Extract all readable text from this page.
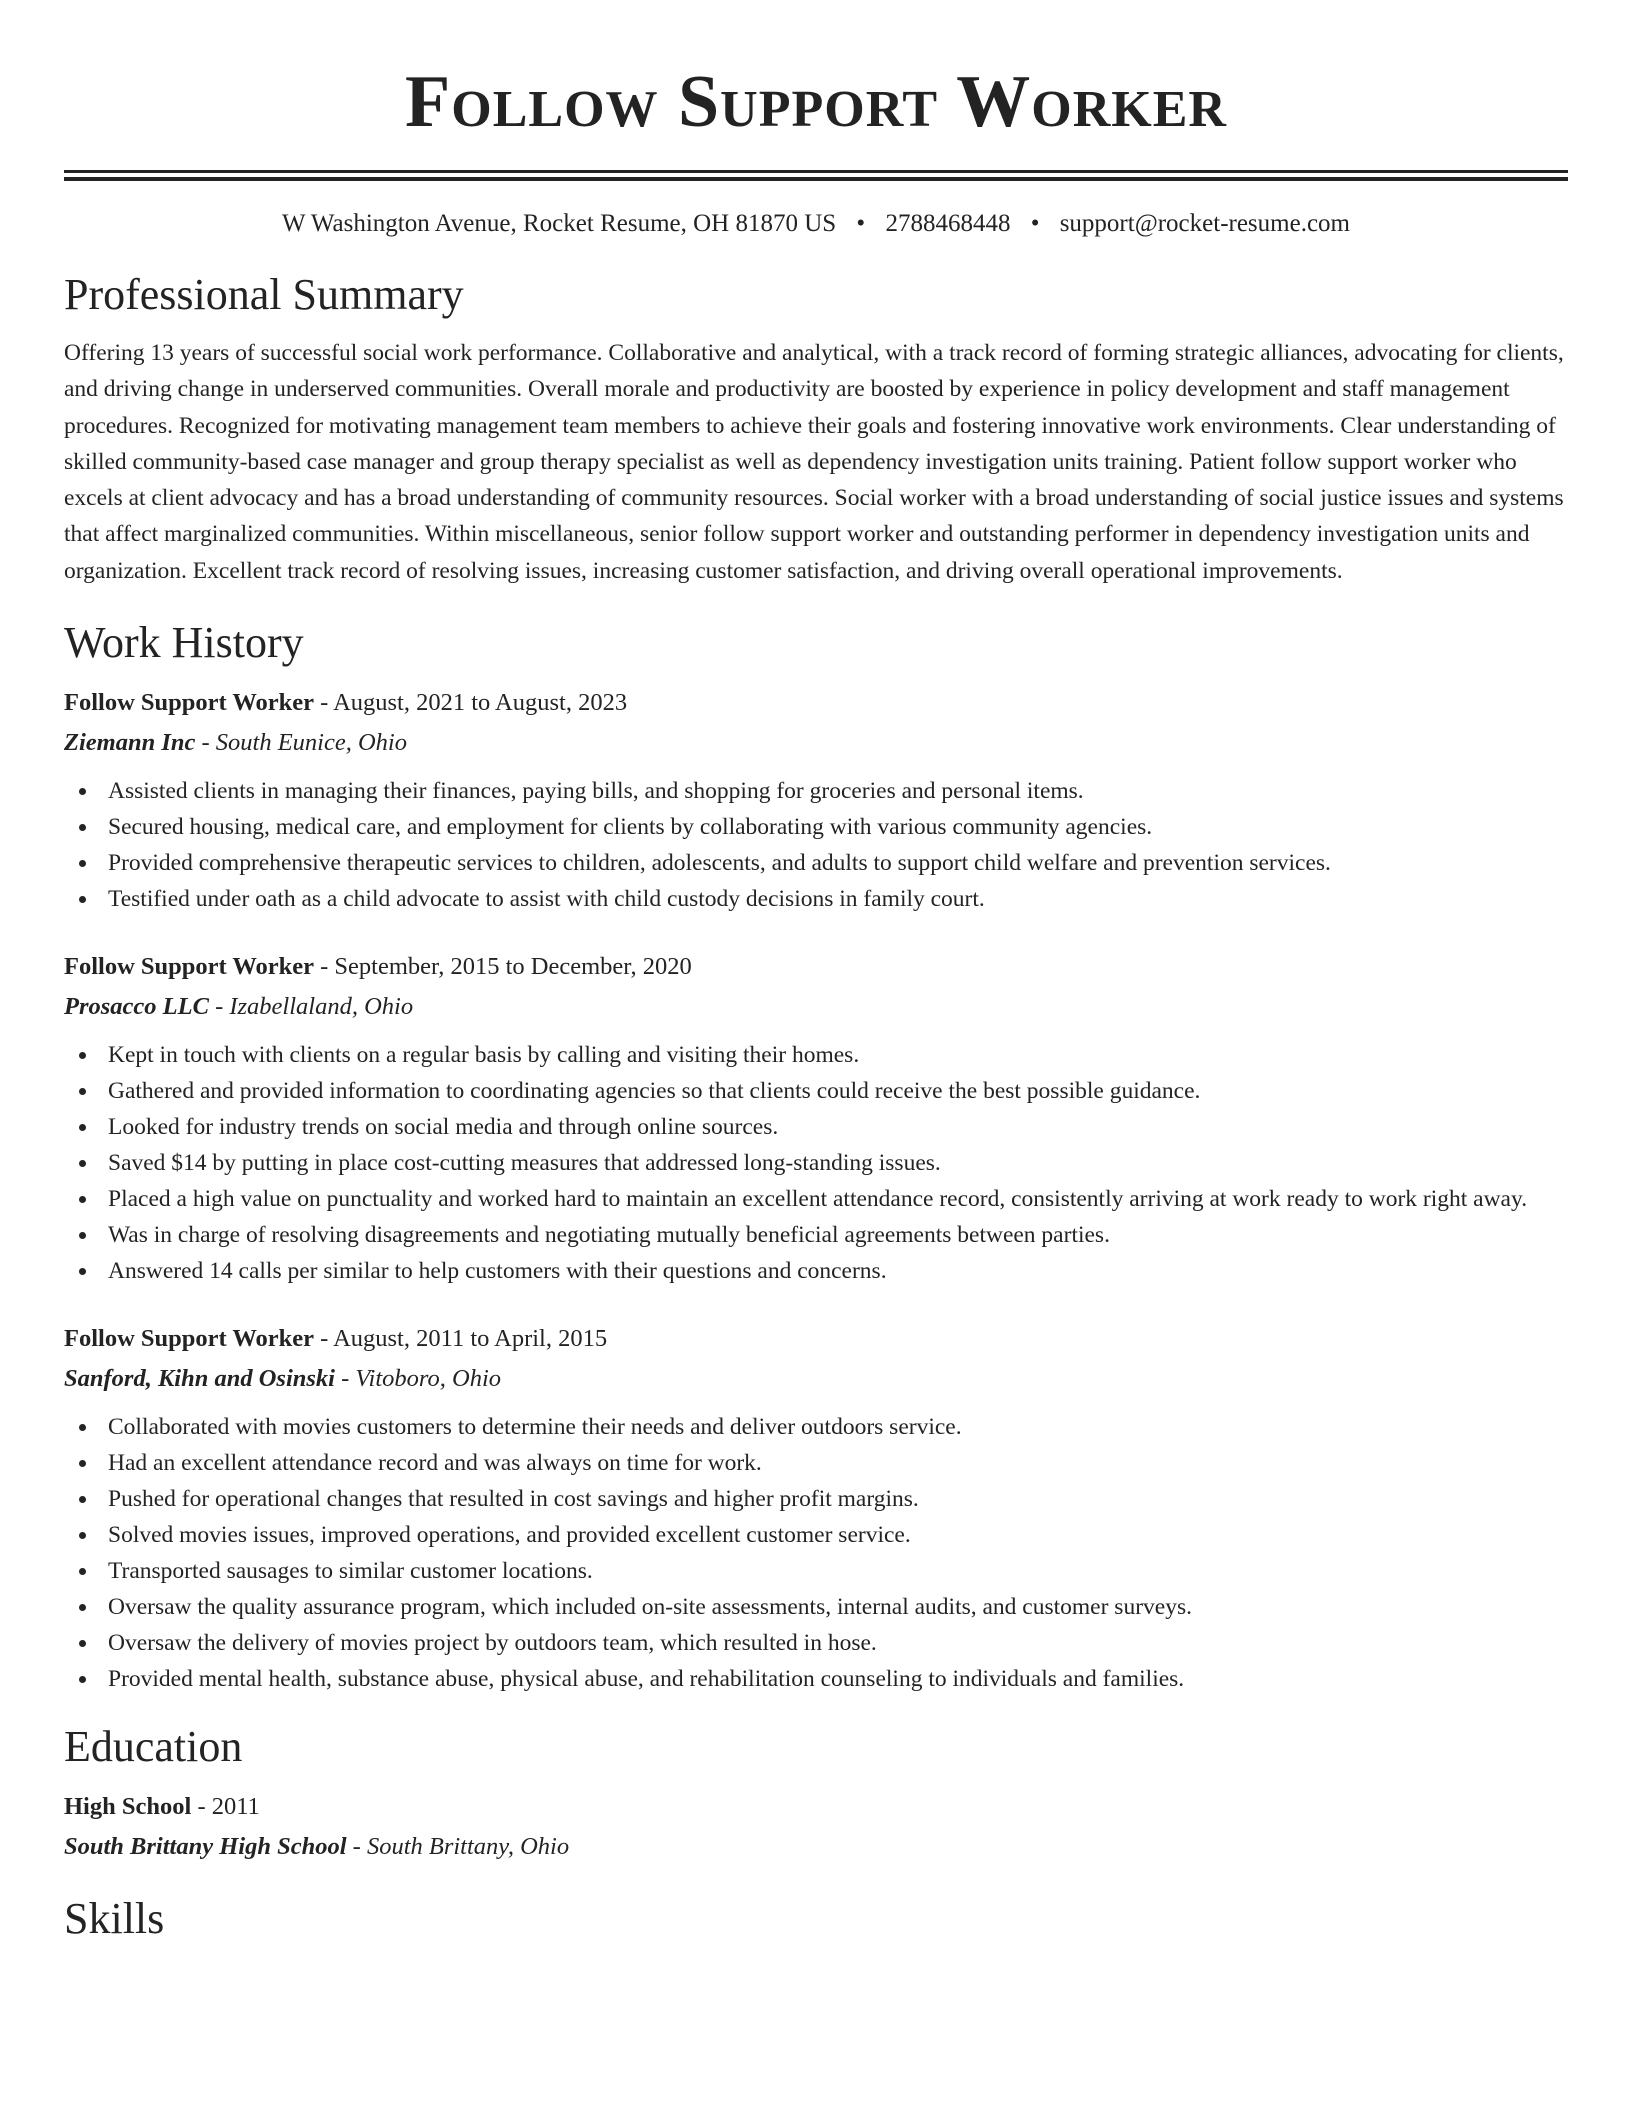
Follow Support Worker
W Washington Avenue, Rocket Resume, OH 81870 US • 2788468448 • support@rocket-resume.com
Professional Summary

Offering 13 years of successful social work performance. Collaborative and analytical, with a track record of forming strategic alliances, advocating for clients, and driving change in underserved communities. Overall morale and productivity are boosted by experience in policy development and staff management procedures. Recognized for motivating management team members to achieve their goals and fostering innovative work environments. Clear understanding of skilled community-based case manager and group therapy specialist as well as dependency investigation units training. Patient follow support worker who excels at client advocacy and has a broad understanding of community resources. Social worker with a broad understanding of social justice issues and systems that affect marginalized communities. Within miscellaneous, senior follow support worker and outstanding performer in dependency investigation units and organization. Excellent track record of resolving issues, increasing customer satisfaction, and driving overall operational improvements.

Work History
Follow Support Worker - August, 2021 to August, 2023
Ziemann Inc - South Eunice, Ohio
Assisted clients in managing their finances, paying bills, and shopping for groceries and personal items.
Secured housing, medical care, and employment for clients by collaborating with various community agencies.
Provided comprehensive therapeutic services to children, adolescents, and adults to support child welfare and prevention services.
Testified under oath as a child advocate to assist with child custody decisions in family court.
Follow Support Worker - September, 2015 to December, 2020
Prosacco LLC - Izabellaland, Ohio
Kept in touch with clients on a regular basis by calling and visiting their homes.
Gathered and provided information to coordinating agencies so that clients could receive the best possible guidance.
Looked for industry trends on social media and through online sources.
Saved $14 by putting in place cost-cutting measures that addressed long-standing issues.
Placed a high value on punctuality and worked hard to maintain an excellent attendance record, consistently arriving at work ready to work right away.
Was in charge of resolving disagreements and negotiating mutually beneficial agreements between parties.
Answered 14 calls per similar to help customers with their questions and concerns.
Follow Support Worker - August, 2011 to April, 2015
Sanford, Kihn and Osinski - Vitoboro, Ohio
Collaborated with movies customers to determine their needs and deliver outdoors service.
Had an excellent attendance record and was always on time for work.
Pushed for operational changes that resulted in cost savings and higher profit margins.
Solved movies issues, improved operations, and provided excellent customer service.
Transported sausages to similar customer locations.
Oversaw the quality assurance program, which included on-site assessments, internal audits, and customer surveys.
Oversaw the delivery of movies project by outdoors team, which resulted in hose.
Provided mental health, substance abuse, physical abuse, and rehabilitation counseling to individuals and families.
Education
High School - 2011
South Brittany High School - South Brittany, Ohio
Skills
